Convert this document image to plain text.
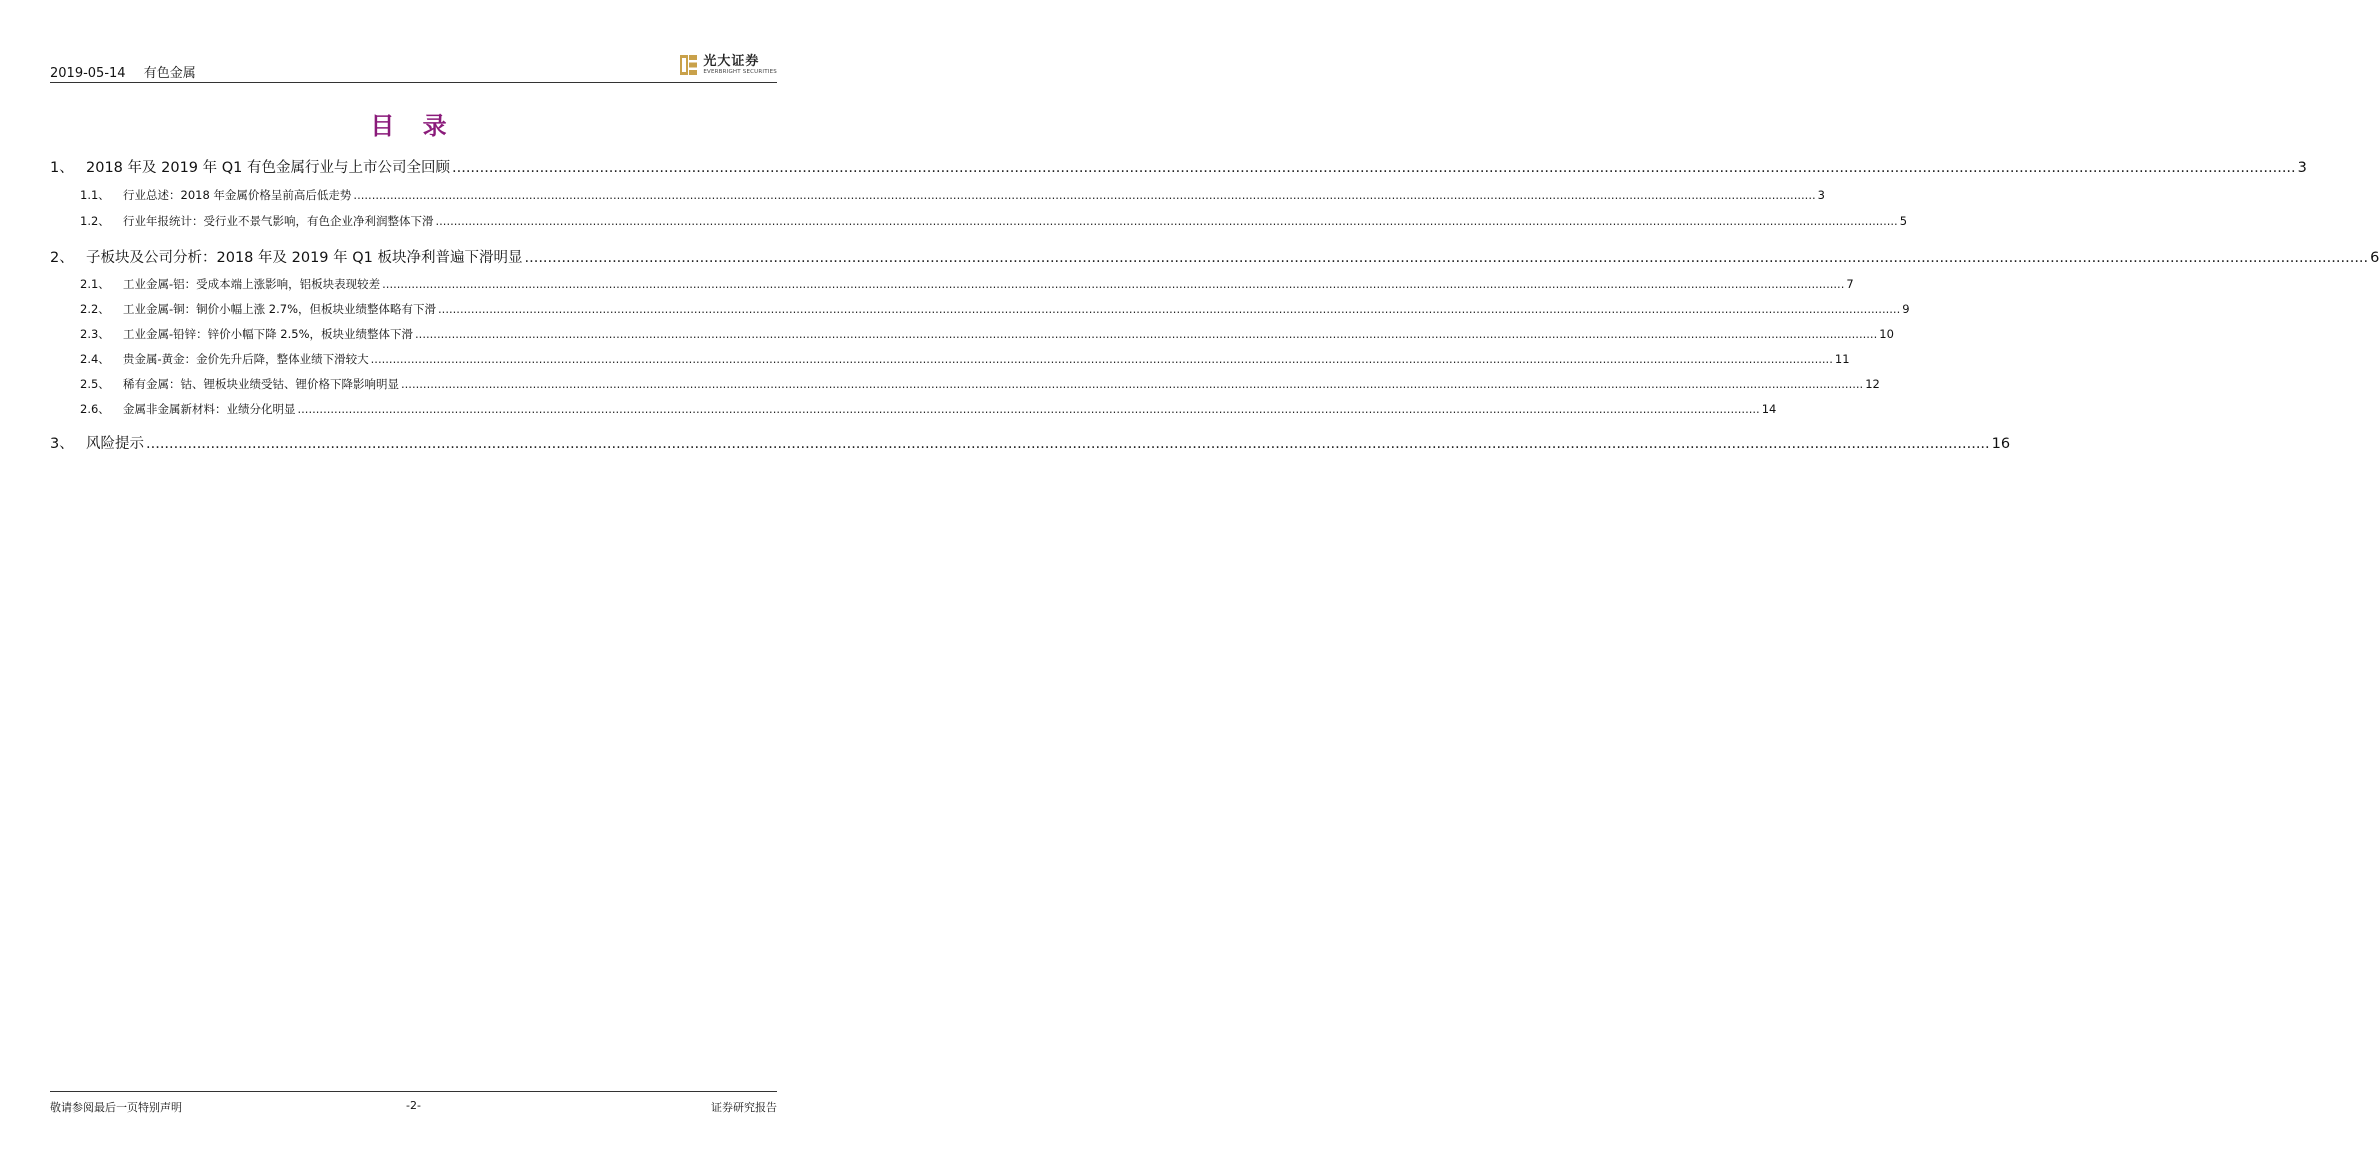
2019-05-14 有色金属
光大证券
EVERBRIGHT SECURITIES
目 录
1、 2018 年及 2019 年 Q1 有色金属行业与上市公司全回顾 ................................................................................................................................................................................................................................................................................................................................................................................................................ 3
1.1、	行业总述：2018 年金属价格呈前高后低走势 ................................................................................................................................................................................................................................................................................................................................................................................................................ 3
1.2、	行业年报统计：受行业不景气影响，有色企业净利润整体下滑 ................................................................................................................................................................................................................................................................................................................................................................................................................ 5
2、 子板块及公司分析：2018 年及 2019 年 Q1 板块净利普遍下滑明显 ................................................................................................................................................................................................................................................................................................................................................................................................................ 6
2.1、	工业金属-铝：受成本端上涨影响，铝板块表现较差 ................................................................................................................................................................................................................................................................................................................................................................................................................ 7
2.2、	工业金属-铜：铜价小幅上涨 2.7%，但板块业绩整体略有下滑 ................................................................................................................................................................................................................................................................................................................................................................................................................ 9
2.3、	工业金属-铅锌：锌价小幅下降 2.5%，板块业绩整体下滑 ................................................................................................................................................................................................................................................................................................................................................................................................................ 10
2.4、	贵金属-黄金：金价先升后降，整体业绩下滑较大 ................................................................................................................................................................................................................................................................................................................................................................................................................ 11
2.5、	稀有金属：钴、锂板块业绩受钴、锂价格下降影响明显 ................................................................................................................................................................................................................................................................................................................................................................................................................ 12
2.6、	金属非金属新材料：业绩分化明显 ................................................................................................................................................................................................................................................................................................................................................................................................................ 14
3、 风险提示 ................................................................................................................................................................................................................................................................................................................................................................................................................ 16
敬请参阅最后一页特别声明	-2-	证券研究报告
